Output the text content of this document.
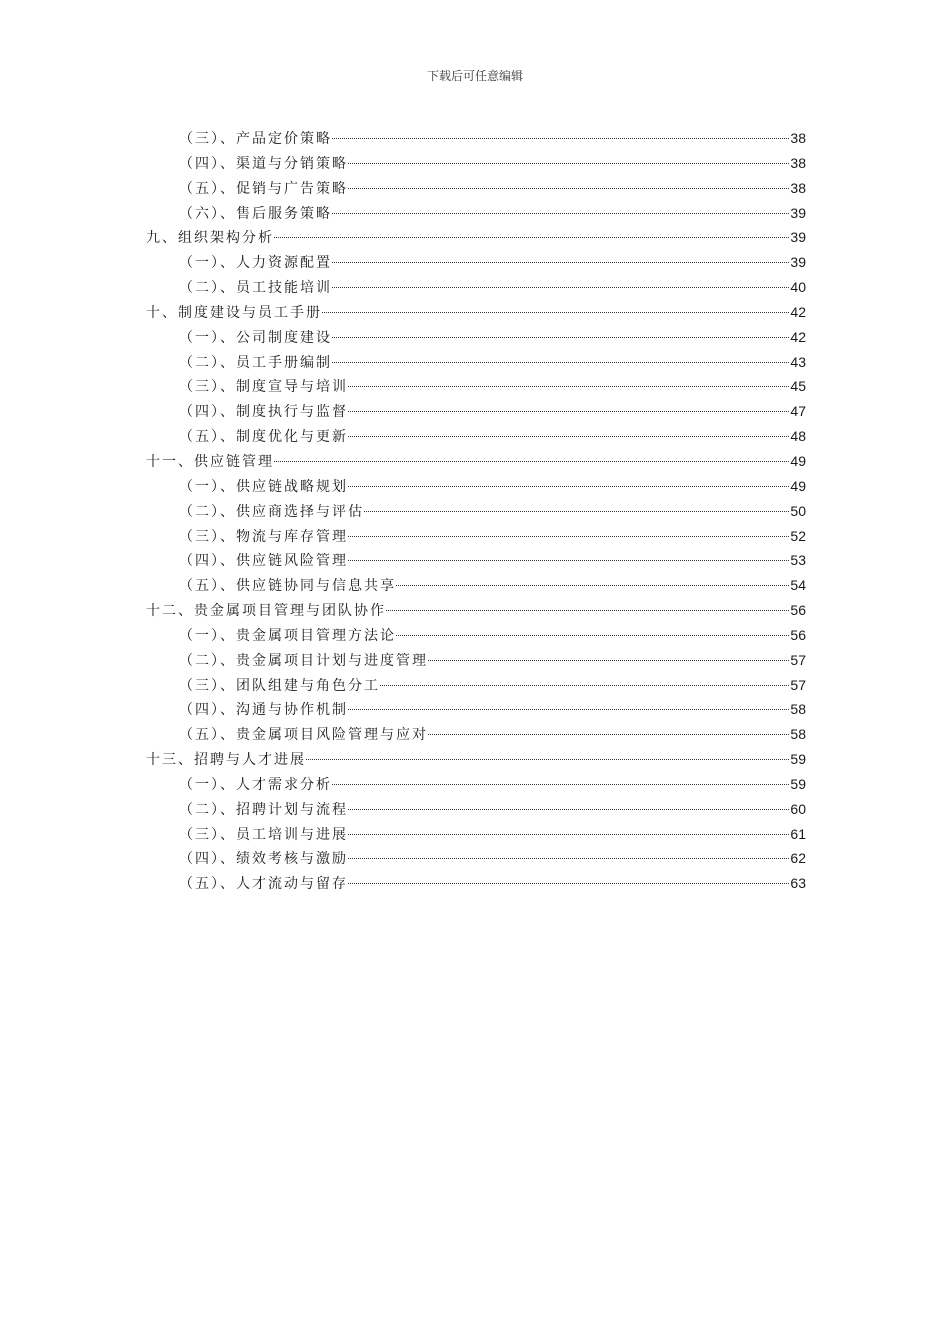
下载后可任意编辑
（三）、产品定价策略	38
（四）、渠道与分销策略	38
（五）、促销与广告策略	38
（六）、售后服务策略	39
九、组织架构分析	39
（一）、人力资源配置	39
（二）、员工技能培训	40
十、制度建设与员工手册	42
（一）、公司制度建设	42
（二）、员工手册编制	43
（三）、制度宣导与培训	45
（四）、制度执行与监督	47
（五）、制度优化与更新	48
十一、供应链管理	49
（一）、供应链战略规划	49
（二）、供应商选择与评估	50
（三）、物流与库存管理	52
（四）、供应链风险管理	53
（五）、供应链协同与信息共享	54
十二、贵金属项目管理与团队协作	56
（一）、贵金属项目管理方法论	56
（二）、贵金属项目计划与进度管理	57
（三）、团队组建与角色分工	57
（四）、沟通与协作机制	58
（五）、贵金属项目风险管理与应对	58
十三、招聘与人才进展	59
（一）、人才需求分析	59
（二）、招聘计划与流程	60
（三）、员工培训与进展	61
（四）、绩效考核与激励	62
（五）、人才流动与留存	63
